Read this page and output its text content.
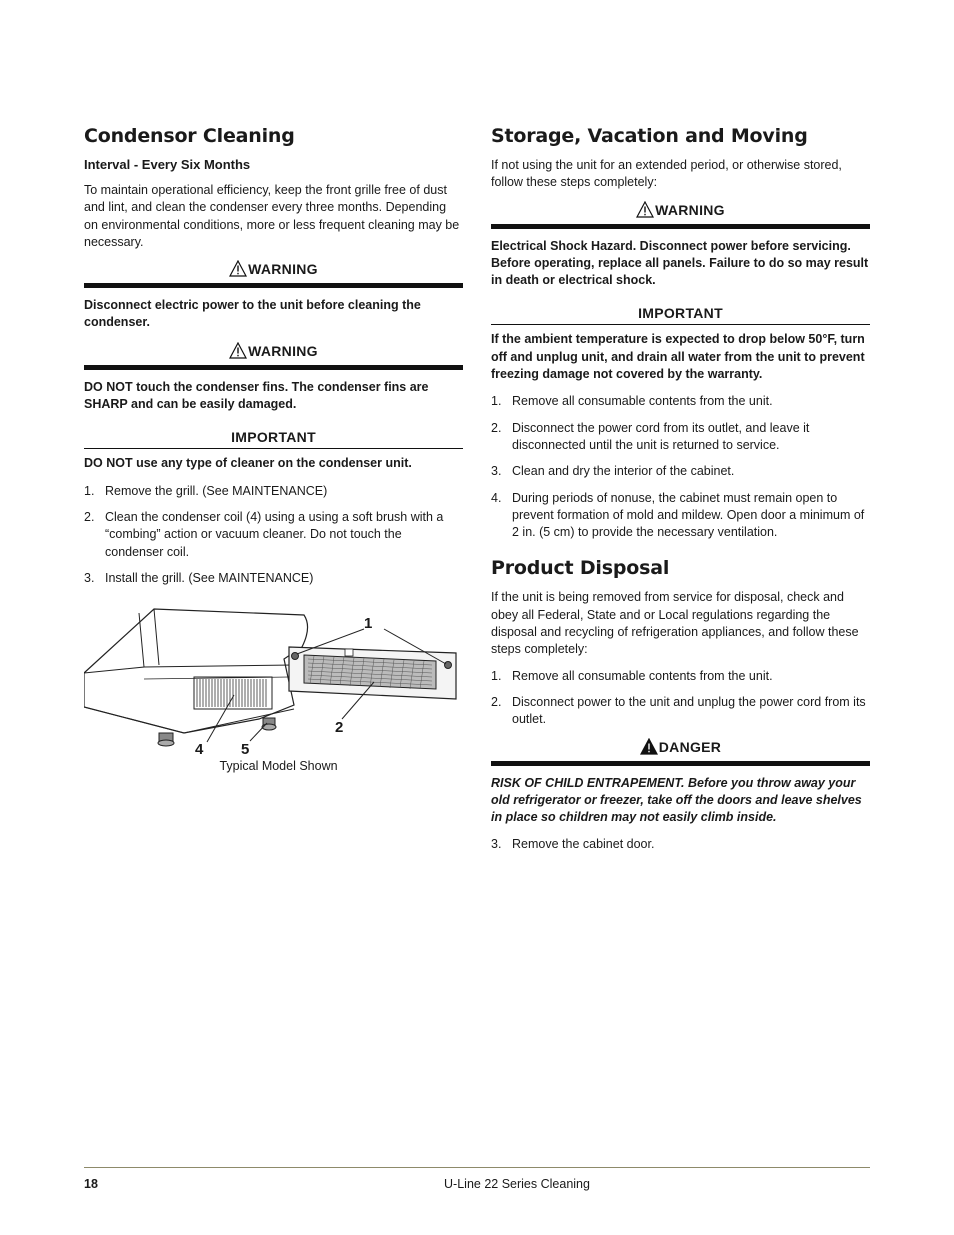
Condensor Cleaning
Interval - Every Six Months

To maintain operational efficiency, keep the front grille free of dust and lint, and clean the condenser every three months. Depending on environmental conditions, more or less frequent cleaning may be necessary.

WARNING
Disconnect electric power to the unit before cleaning the condenser.
WARNING
DO NOT touch the condenser fins. The condenser fins are SHARP and can be easily damaged.
IMPORTANT
DO NOT use any type of cleaner on the condenser unit.
1. Remove the grill. (See MAINTENANCE)
2. Clean the condenser coil (4) using a using a soft brush with a “combing” action or vacuum cleaner. Do not touch the condenser coil.
3. Install the grill. (See MAINTENANCE)
1
2
4	5
Typical Model Shown
Storage, Vacation and Moving

If not using the unit for an extended period, or otherwise stored, follow these steps completely:

WARNING
Electrical Shock Hazard. Disconnect power before servicing. Before operating, replace all panels. Failure to do so may result in death or electrical shock.
IMPORTANT
If the ambient temperature is expected to drop below 50°F, turn off and unplug unit, and drain all water from the unit to prevent freezing damage not covered by the warranty.
1. Remove all consumable contents from the unit.
2. Disconnect the power cord from its outlet, and leave it disconnected until the unit is returned to service.
3. Clean and dry the interior of the cabinet.
4. During periods of nonuse, the cabinet must remain open to prevent formation of mold and mildew. Open door a minimum of 2 in. (5 cm) to provide the necessary ventilation.
Product Disposal

If the unit is being removed from service for disposal, check and obey all Federal, State and or Local regulations regarding the disposal and recycling of refrigeration appliances, and follow these steps completely:

1. Remove all consumable contents from the unit.
2. Disconnect power to the unit and unplug the power cord from its outlet.
DANGER
RISK OF CHILD ENTRAPEMENT. Before you throw away your old refrigerator or freezer, take off the doors and leave shelves in place so children may not easily climb inside.
3. Remove the cabinet door.
18	U-Line 22 Series Cleaning
